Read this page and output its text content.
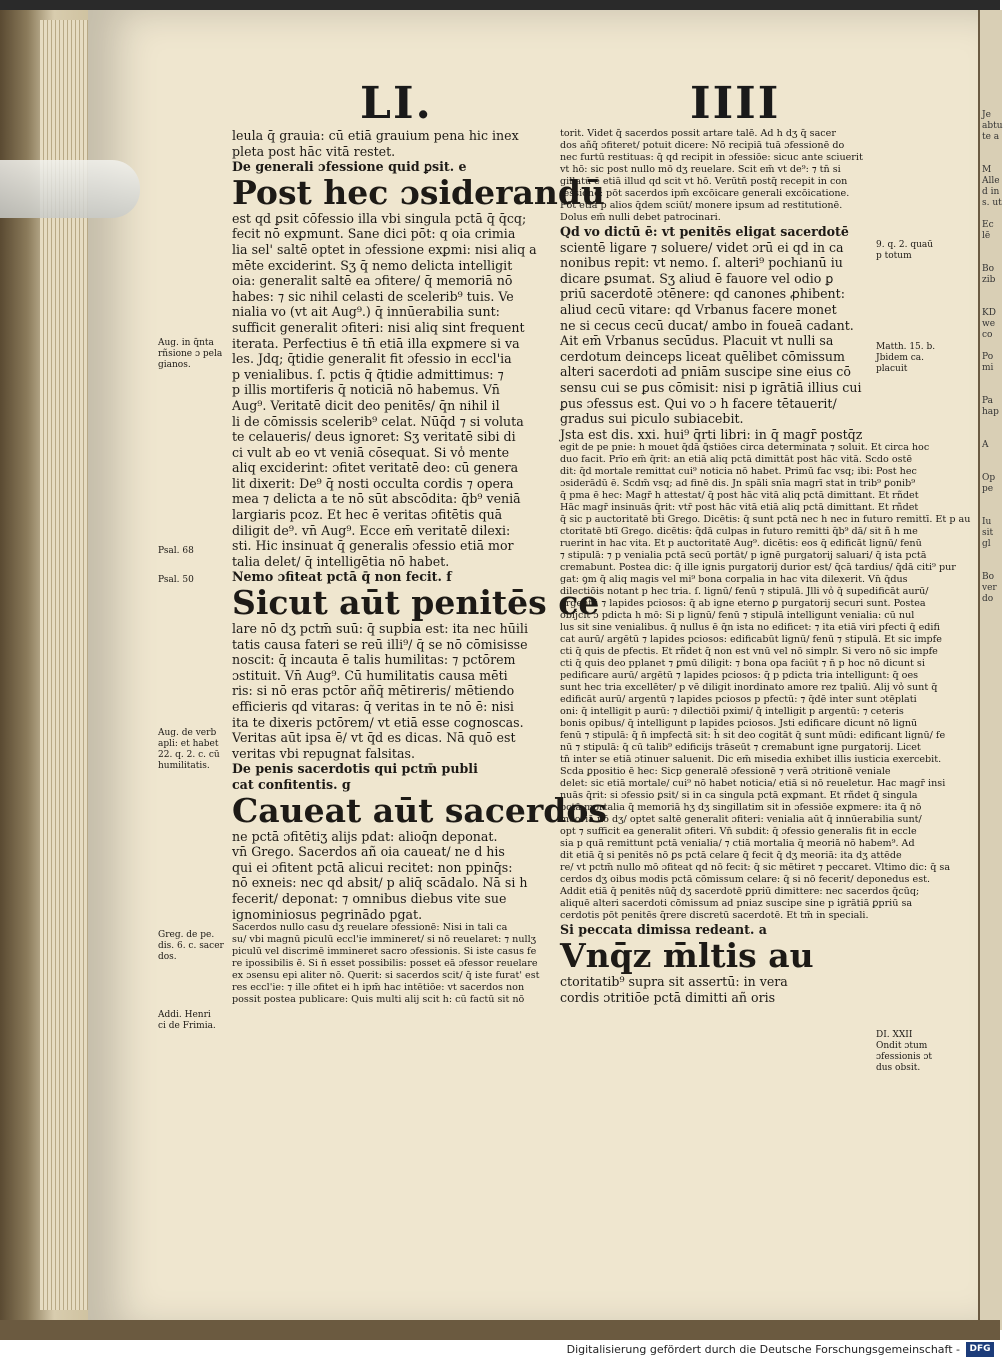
Je
abtu
te a

M
Alle
d in
s. ut

Ec
lē

Bo
zib

KD
we
co

Po
mi

Pa
hap

A

Op
pe

Iu
sit
gl

Bo
ver
do
LI.	IIII
leula q̄ grauia: cū etiā grauium pena hic inex
pleta post hāc vitā restet.
De generali ɔfessione quid ꝑsit. e
Post hec ɔsiderandū
est qd ꝑsit cōfessio illa vbi singula pctā q̄ q̄cq;
fecit nō exꝑmunt. Sane dici pōt: q oia crimia
lia sel' saltē optet in ɔfessione exꝑmi: nisi aliq a
mēte exciderint. Sʒ q̄ nemo delicta intelligit
oia: generalit saltē ea ɔfitere/ q̄ memoriā nō
habes: ⁊ sic nihil celasti de scelerib⁹ tuis. Ve
nialia vo (vt ait Aug⁹.) q̄ innūerabilia sunt:
sufficit generalit ɔfiteri: nisi aliq sint frequent
iterata. Perfectius ē tn̄ etiā illa exꝑmere si va
les. Jdq; q̄tidie generalit fit ɔfessio in eccl'ia
p venialibus. ſ. pctis q̄ q̄tidie admittimus: ⁊
p illis mortiferis q̄ noticiā nō habemus. Vn̄
Aug⁹. Veritatē dicit deo penitēs/ q̄n nihil il
li de cōmissis scelerib⁹ celat. Nūq̄d ⁊ si voluta
te celaueris/ deus ignoret: Sʒ veritatē sibi di
ci vult ab eo vt veniā cōsequat. Si vo̾ mente
aliq exciderint: ɔfitet veritatē deo: cū genera
lit dixerit: De⁹ q̄ nosti occulta cordis ⁊ opera
mea ⁊ delicta a te nō sūt abscōdita: q̄b⁹ veniā
largiaris pcoz. Et hec ē veritas ɔfitētis quā
diligit de⁹. vn̄ Aug⁹. Ecce em̄ veritatē dilexi:
sti. Hic insinuat q̄ generalis ɔfessio etiā mor
talia delet/ q̄ intelligētia nō habet.
Nemo ɔfiteat pctā q̄ non fecit. f
Sicut aūt penitēs ce
lare nō dʒ pctm̄ suū: q̄ supbia est: ita nec hūili
tatis causa fateri se reū illi⁹/ q̄ se nō cōmisisse
noscit: q̄ incauta ē talis humilitas: ⁊ pctōrem
ɔstituit. Vn̄ Aug⁹. Cū humilitatis causa mēti
ris: si nō eras pctōr añq̄ mētireris/ mētiendo
efficieris qd vitaras: q̄ veritas in te nō ē: nisi
ita te dixeris pctōrem/ vt etiā esse cognoscas.
Veritas aūt ipsa ē/ vt q̄d es dicas. Nā quō est
veritas vbi repugnat falsitas.
De penis sacerdotis qui pctm̄ publi
cat confitentis. g
Caueat aūt sacerdos
ne pctā ɔfitētiʒ alijs pdat: alioq̄n deponat.
vn̄ Grego. Sacerdos añ oia caueat/ ne d his
qui ei ɔfitent pctā alicui recitet: non ppinq̄s:
nō exneis: nec qd absit/ p aliq̄ scādalo. Nā si h
fecerit/ deponat: ⁊ omnibus diebus vite sue
ignominiosus pegrinādo pgat.
Sacerdos nullo casu dʒ reuelare ɔfessionē: Nisi in tali ca
su/ vbi magnū piculū eccl'ie immineret/ si nō reuelaret: ⁊ nullʒ
piculū vel discrimē immineret sacro ɔfessionis. Si iste casus fe
re ipossibilis ē. Si n̄ esset possibilis: posset eā ɔfessor reuelare
ex ɔsensu epi aliter nō. Querit: si sacerdos scit/ q̄ iste furat' est
res eccl'ie: ⁊ ille ɔfitet ei h ipm̄ hac intētiōe: vt sacerdos non
possit postea publicare: Quis multi alij scit h: cū factū sit nō
torit. Videt q̄ sacerdos possit artare talē. Ad h dʒ q̄ sacer
dos añq̄ ɔfiteret/ potuit dicere: Nō recipiā tuā ɔfessionē do
nec furtū restituas: q̄ qd recipit in ɔfessiōe: sicuc ante sciuerit
vt hō: sic post nullo mō dʒ reuelare. Scit em̄ vt de⁹: ⁊ tn̄ si
gillatū ē etiā illud qd scit vt hō. Verūtn̄ postq̄ recepit in con
fessione: pōt sacerdos ipm̄ excōicare generali excōicatione.
Pōt etiā p alios q̄dem sciūt/ monere ipsum ad restitutionē.
Dolus em̄ nulli debet patrocinari.
Qd vo dictū ē: vt penitēs eligat sacerdotē
scientē ligare ⁊ soluere/ videt ɔrū ei qd in ca
nonibus repit: vt nemo. ſ. alteri⁹ pochianū iu
dicare ꝑsumat. Sʒ aliud ē fauore vel odio ꝑ
priū sacerdotē ɔtēnere: qd canones ꝓhibent:
aliud cecū vitare: qd Vrbanus facere monet
ne si cecus cecū ducat/ ambo in foueā cadant.
Ait em̄ Vrbanus secūdus. Placuit vt nulli sa
cerdotum deinceps liceat quēlibet cōmissum
alteri sacerdoti ad pniām suscipe sine eius cō
sensu cui se ꝑus cōmisit: nisi p igrātiā illius cui
ꝑus ɔfessus est. Qui vo ɔ h facere tētauerit/
gradus sui piculo subiacebit.
Jsta est dis. xxi. hui⁹ q̄rti libri: in q̄ magr̄ postq̄z
egit de pe pnie: h mouet q̄dā q̄stiōes circa determinata ⁊ soluit. Et circa hoc
duo facit. Prīo em̄ q̄rit: an etiā aliq pctā dimittāt post hāc vitā. Scdo ostē
dit: q̄d mortale remittat cui⁹ noticia nō habet. Primū fac vsq; ibi: Post hec
ɔsiderādū ē. Scdm̄ vsq; ad finē dis. Jn spāli snīa magrī stat in trib⁹ ꝑonib⁹
q̄ pma ē hec: Magr̄ h attestat/ q̄ post hāc vitā aliq pctā dimittant. Et rñdet
Hāc magr̄ insinuās q̄rit: vtr̄ post hāc vitā etiā aliq pctā dimittant. Et rñdet
q̄ sic p auctoritatē bt̄i Grego. Dicētis: q̄ sunt pctā nec h nec in futuro remittī. Et p au
ctoritatē btī Grego. dicētis: q̄dā culpas in futuro remitti q̄b⁹ dā/ sit ñ h me
ruerint in hac vita. Et p auctoritatē Aug⁹. dicētis: eos q̄ edificāt lignū/ fenū
⁊ stipulā: ⁊ p venialia pctā secū portāt/ p ignē purgatorij saluari/ q̄ ista pctā
cremabunt. Postea dic: q̄ ille ignis purgatorij durior est/ q̄cā tardius/ q̄dā citi⁹ pur
gat: ꝯm q̄ aliq magis vel mi⁹ bona corpalia in hac vita dilexerit. Vn̄ q̄dus
dilectiōis notant p hec tria. ſ. lignū/ fenū ⁊ stipulā. Jlli vo̾ q̄ supedificāt aurū/
argentū ⁊ lapides pciosos: q̄ ab igne eterno ꝑ purgatorij securi sunt. Postea
obijcit ɔ pdicta h mō: Si p lignū/ fenū ⁊ stipulā intelligunt venialia: cū nul
lus sit sine venialibus. q̄ nullus ē q̄n ista no edificet: ⁊ ita etiā viri pfecti q̄ edifi
cat aurū/ argētū ⁊ lapides pciosos: edificabūt lignū/ fenū ⁊ stipulā. Et sic impfe
cti q̄ quis de pfectis. Et rñdet q̄ non est vnū vel nō simplr. Si vero nō sic impfe
cti q̄ quis deo pplanet ⁊ ꝑmū diligit: ⁊ bona opa faciūt ⁊ n̄ p hoc nō dicunt si
pedificare aurū/ argētū ⁊ lapides pciosos: q̄ p pdicta tria intelligunt: q̄ oes
sunt hec tria excellēter/ p vē diligit inordinato amore rez tpaliū. Alij vo̾ sunt q̄
edificāt aurū/ argentū ⁊ lapides pciosos p pfectū: ⁊ q̄dē inter sunt ɔtēplati
oni: q̄ intelligit p aurū: ⁊ dilectiōi pximi/ q̄ intelligit p argentū: ⁊ ceteris
bonis opibus/ q̄ intelligunt p lapides pciosos. Jsti edificare dicunt nō lignū
fenū ⁊ stipulā: q̄ n̄ impfectā sit: h̄ sit deo cogitāt q̄ sunt mūdi: edificant lignū/ fe
nū ⁊ stipulā: q̄ cū talib⁹ edificijs trāseūt ⁊ cremabunt igne purgatorij. Licet
tn̄ inter se etiā ɔtinuer saluenit. Dic em̄ misedia exhibet illis iusticia exercebit.
Scda ꝑpositio ē hec: Sicp generalē ɔfessionē ⁊ verā ɔtritionē veniale
delet: sic etiā mortale/ cui⁹ nō habet noticia/ etiā si nō reueletur. Hac magr̄ insi
nuās q̄rit: si ɔfessio ꝑsit/ si in ca singula pctā exꝑmant. Et rñdet q̄ singula
pctā mortalia q̄ memoriā hʒ dʒ singillatim sit in ɔfessiōe exꝑmere: ita q̄ nō
meoriā nō dʒ/ optet saltē generalit ɔfiteri: venialia aūt q̄ innūerabilia sunt/
opt ⁊ sufficit ea generalit ɔfiteri. Vn̄ subdit: q̄ ɔfessio generalis fit in eccle
sia p quā remittunt pctā venialia/ ⁊ ctiā mortalia q̄ meoriā nō habem⁹. Ad
dit etiā q̄ si penitēs nō ꝑs pctā celare q̄ fecit q̄ dʒ meoriā: ita dʒ attēde
re/ vt pctm̄ nullo mō ɔfiteat qd nō fecit: q̄ sic mētiret ⁊ peccaret. Vltimo dic: q̄ sa
cerdos dʒ oibus modis pctā cōmissum celare: q̄ si nō fecerit/ deponedus est.
Addit etiā q̄ penitēs nūq̄ dʒ sacerdotē ꝑpriū dimittere: nec sacerdos q̄cūq;
aliquē alteri sacerdoti cōmissum ad pniaz suscipe sine p igrātiā ꝑpriū sa
cerdotis pōt penitēs q̄rere discretū sacerdotē. Et tm̄ in speciali.
Si peccata dimissa redeant. a
Vnq̄z m̄ltis au
ctoritatib⁹ supra sit assertū: in vera
cordis ɔtritiōe pctā dimitti añ oris
Aug. in q̄nta
rñsione ɔ pela
gianos.
Psal. 68
Psal. 50
Aug. de verb
apli: et habet
22. q. 2. c. cū
humilitatis.
Greg. de pe.
dis. 6. c. sacer
dos.
Addi. Henri
ci de Frimia.
9. q. 2. quaū
p totum
Matth. 15. b.
Jbidem ca.
placuit
DI. XXII
Ondit ɔtum
ɔfessionis ɔt
dus obsit.
Digitalisierung gefördert durch die Deutsche Forschungsgemeinschaft -	DFG
